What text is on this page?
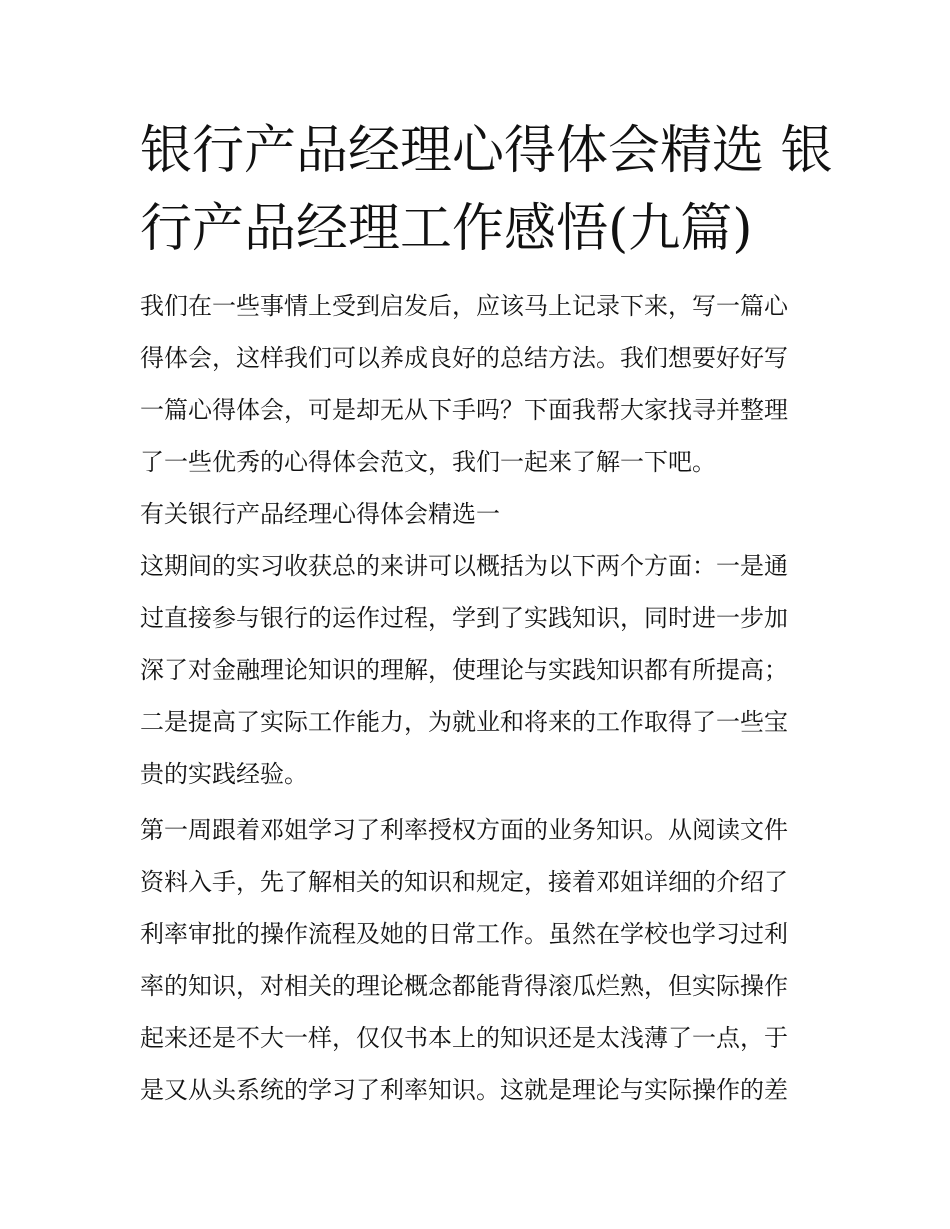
银行产品经理心得体会精选 银
行产品经理工作感悟(九篇)
我们在一些事情上受到启发后，应该马上记录下来，写一篇心
得体会，这样我们可以养成良好的总结方法。我们想要好好写
一篇心得体会，可是却无从下手吗？下面我帮大家找寻并整理
了一些优秀的心得体会范文，我们一起来了解一下吧。
有关银行产品经理心得体会精选一
这期间的实习收获总的来讲可以概括为以下两个方面：一是通
过直接参与银行的运作过程，学到了实践知识，同时进一步加
深了对金融理论知识的理解，使理论与实践知识都有所提高；
二是提高了实际工作能力，为就业和将来的工作取得了一些宝
贵的实践经验。
第一周跟着邓姐学习了利率授权方面的业务知识。从阅读文件
资料入手，先了解相关的知识和规定，接着邓姐详细的介绍了
利率审批的操作流程及她的日常工作。虽然在学校也学习过利
率的知识，对相关的理论概念都能背得滚瓜烂熟，但实际操作
起来还是不大一样，仅仅书本上的知识还是太浅薄了一点，于
是又从头系统的学习了利率知识。这就是理论与实际操作的差
